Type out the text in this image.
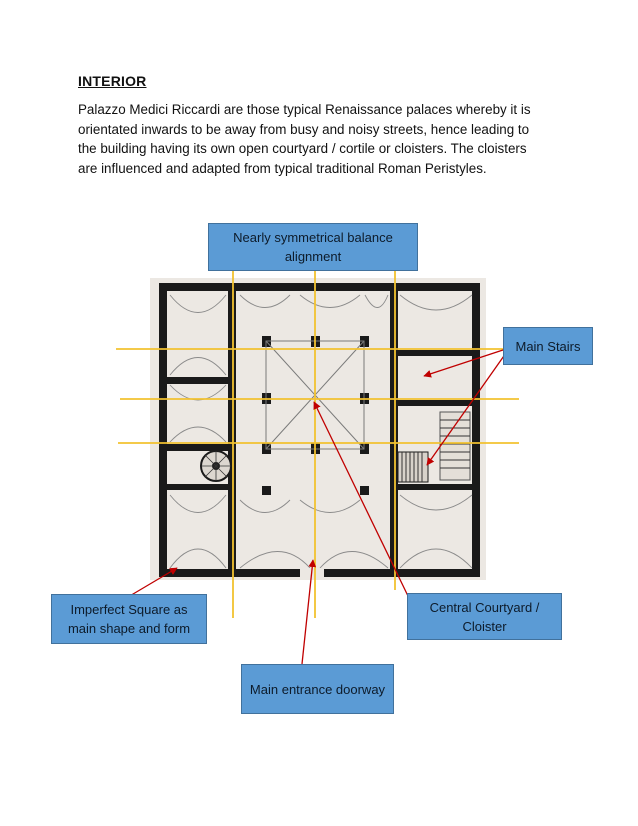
INTERIOR
Palazzo Medici Riccardi are those typical Renaissance palaces whereby it is
orientated inwards to be away from busy and noisy streets, hence leading to
the building having its own open courtyard / cortile or cloisters. The cloisters
are influenced and adapted from typical traditional Roman Peristyles.
Nearly symmetrical balance alignment
Main Stairs
Imperfect Square as main shape and form
Central Courtyard / Cloister
Main entrance doorway
